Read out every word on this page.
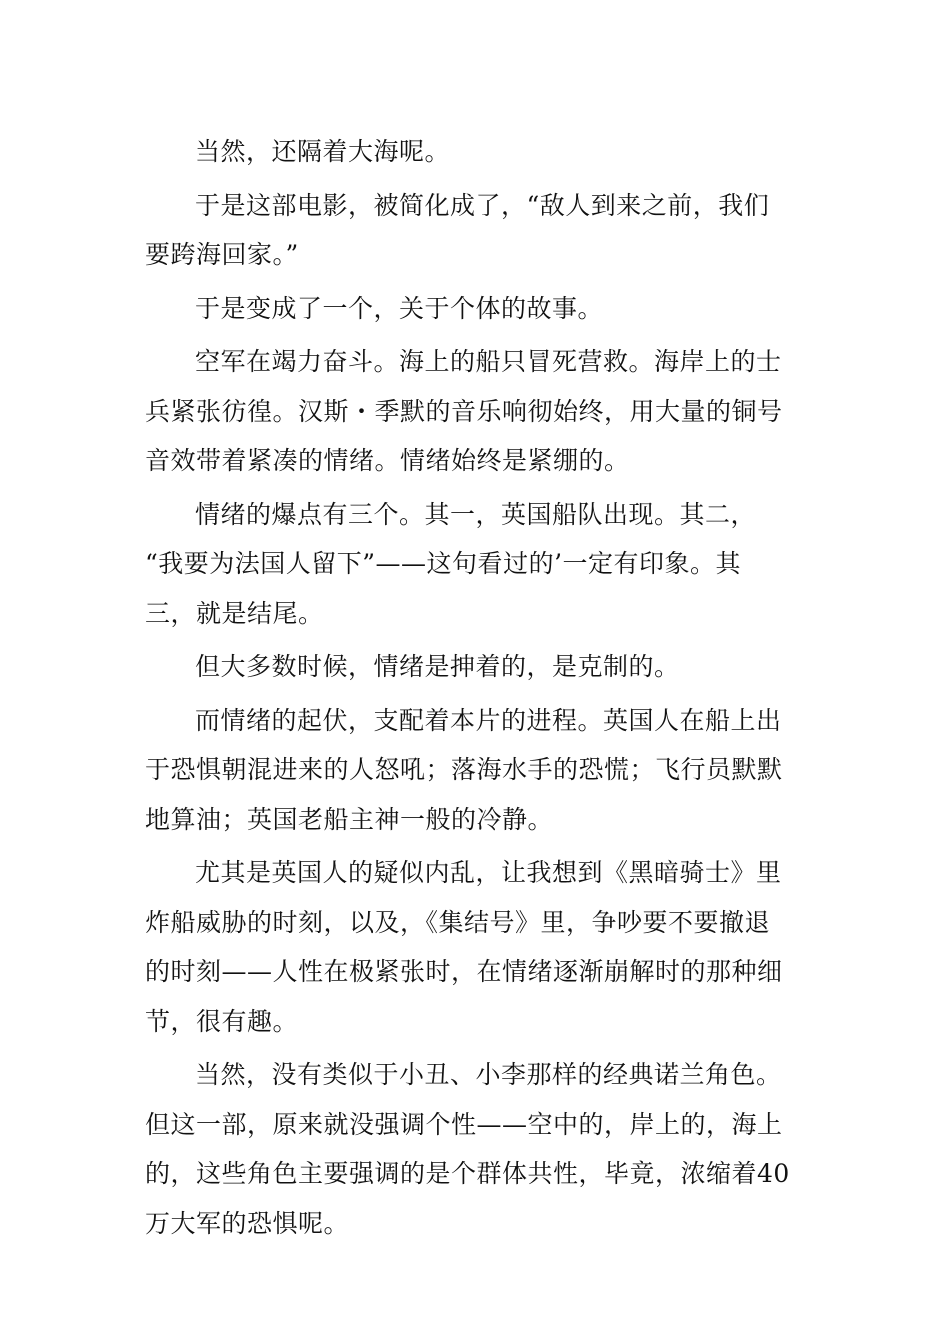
当然，还隔着大海呢。

于是这部电影，被简化成了，“敌人到来之前，我们
要跨海回家。”

于是变成了一个，关于个体的故事。

空军在竭力奋斗。海上的船只冒死营救。海岸上的士
兵紧张彷徨。汉斯・季默的音乐响彻始终，用大量的铜号
音效带着紧凑的情绪。情绪始终是紧绷的。

情绪的爆点有三个。其一，英国船队出现。其二，
“我要为法国人留下”——这句看过的’一定有印象。其
三，就是结尾。

但大多数时候，情绪是抻着的，是克制的。

而情绪的起伏，支配着本片的进程。英国人在船上出
于恐惧朝混进来的人怒吼；落海水手的恐慌；飞行员默默
地算油；英国老船主神一般的冷静。

尤其是英国人的疑似内乱，让我想到《黑暗骑士》里
炸船威胁的时刻，以及，《集结号》里，争吵要不要撤退
的时刻——人性在极紧张时，在情绪逐渐崩解时的那种细
节，很有趣。

当然，没有类似于小丑、小李那样的经典诺兰角色。
但这一部，原来就没强调个性——空中的，岸上的，海上
的，这些角色主要强调的是个群体共性，毕竟，浓缩着40
万大军的恐惧呢。
